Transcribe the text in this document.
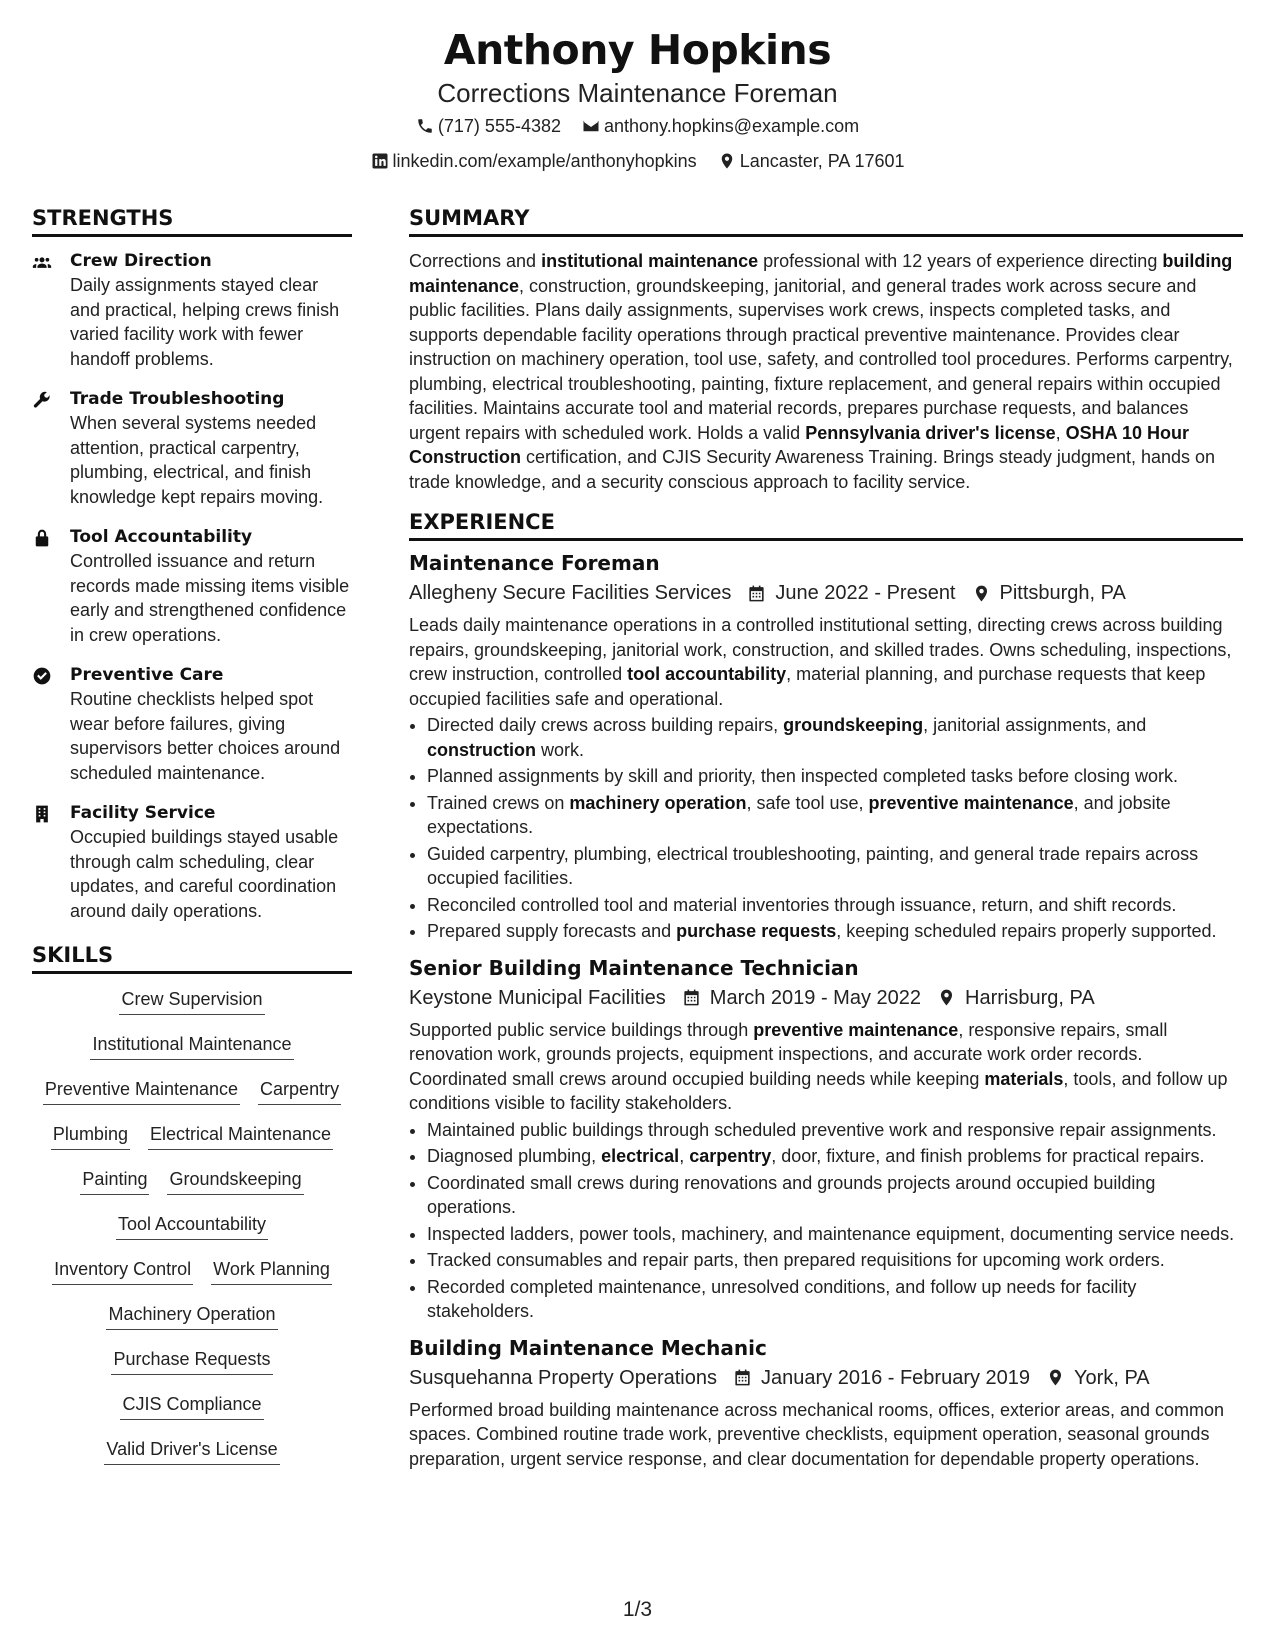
Anthony Hopkins
Corrections Maintenance Foreman
(717) 555-4382
anthony.hopkins@example.com
linkedin.com/example/anthonyhopkins
Lancaster, PA 17601
STRENGTHS
Crew Direction
Daily assignments stayed clear and practical, helping crews finish varied facility work with fewer handoff problems.
Trade Troubleshooting
When several systems needed attention, practical carpentry, plumbing, electrical, and finish knowledge kept repairs moving.
Tool Accountability
Controlled issuance and return records made missing items visible early and strengthened confidence in crew operations.
Preventive Care
Routine checklists helped spot wear before failures, giving supervisors better choices around scheduled maintenance.
Facility Service
Occupied buildings stayed usable through calm scheduling, clear updates, and careful coordination around daily operations.
SKILLS
Crew Supervision
Institutional Maintenance
Preventive Maintenance Carpentry
Plumbing Electrical Maintenance
Painting Groundskeeping
Tool Accountability
Inventory Control Work Planning
Machinery Operation
Purchase Requests
CJIS Compliance
Valid Driver's License
SUMMARY
Corrections and institutional maintenance professional with 12 years of experience directing building maintenance, construction, groundskeeping, janitorial, and general trades work across secure and public facilities. Plans daily assignments, supervises work crews, inspects completed tasks, and supports dependable facility operations through practical preventive maintenance. Provides clear instruction on machinery operation, tool use, safety, and controlled tool procedures. Performs carpentry, plumbing, electrical troubleshooting, painting, fixture replacement, and general repairs within occupied facilities. Maintains accurate tool and material records, prepares purchase requests, and balances urgent repairs with scheduled work. Holds a valid Pennsylvania driver's license, OSHA 10 Hour Construction certification, and CJIS Security Awareness Training. Brings steady judgment, hands on trade knowledge, and a security conscious approach to facility service.
EXPERIENCE
Maintenance Foreman
Allegheny Secure Facilities Services June 2022 - Present Pittsburgh, PA
Leads daily maintenance operations in a controlled institutional setting, directing crews across building repairs, groundskeeping, janitorial work, construction, and skilled trades. Owns scheduling, inspections, crew instruction, controlled tool accountability, material planning, and purchase requests that keep occupied facilities safe and operational.
• Directed daily crews across building repairs, groundskeeping, janitorial assignments, and construction work.
• Planned assignments by skill and priority, then inspected completed tasks before closing work.
• Trained crews on machinery operation, safe tool use, preventive maintenance, and jobsite expectations.
• Guided carpentry, plumbing, electrical troubleshooting, painting, and general trade repairs across occupied facilities.
• Reconciled controlled tool and material inventories through issuance, return, and shift records.
• Prepared supply forecasts and purchase requests, keeping scheduled repairs properly supported.
Senior Building Maintenance Technician
Keystone Municipal Facilities March 2019 - May 2022 Harrisburg, PA
Supported public service buildings through preventive maintenance, responsive repairs, small renovation work, grounds projects, equipment inspections, and accurate work order records. Coordinated small crews around occupied building needs while keeping materials, tools, and follow up conditions visible to facility stakeholders.
• Maintained public buildings through scheduled preventive work and responsive repair assignments.
• Diagnosed plumbing, electrical, carpentry, door, fixture, and finish problems for practical repairs.
• Coordinated small crews during renovations and grounds projects around occupied building operations.
• Inspected ladders, power tools, machinery, and maintenance equipment, documenting service needs.
• Tracked consumables and repair parts, then prepared requisitions for upcoming work orders.
• Recorded completed maintenance, unresolved conditions, and follow up needs for facility stakeholders.
Building Maintenance Mechanic
Susquehanna Property Operations January 2016 - February 2019 York, PA
Performed broad building maintenance across mechanical rooms, offices, exterior areas, and common spaces. Combined routine trade work, preventive checklists, equipment operation, seasonal grounds preparation, urgent service response, and clear documentation for dependable property operations.
1/3
